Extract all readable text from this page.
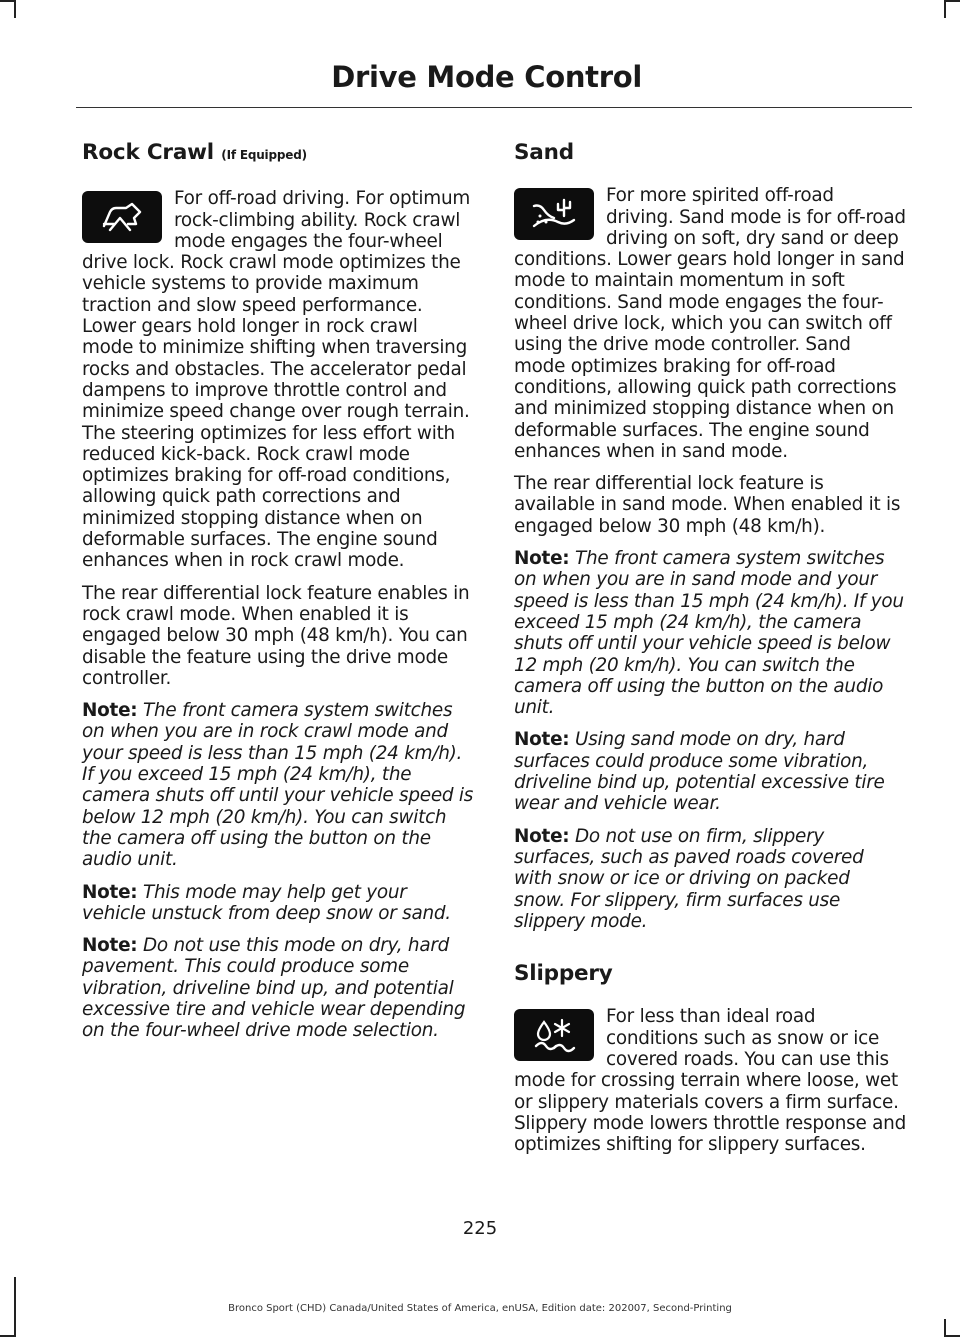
Drive Mode Control
Rock Crawl (If Equipped)

For off-road driving. For optimum rock-climbing ability. Rock crawl mode engages the four-wheel drive lock. Rock crawl mode optimizes the vehicle systems to provide maximum traction and slow speed performance. Lower gears hold longer in rock crawl mode to minimize shifting when traversing rocks and obstacles. The accelerator pedal dampens to improve throttle control and minimize speed change over rough terrain. The steering optimizes for less effort with reduced kick-back. Rock crawl mode optimizes braking for off-road conditions, allowing quick path corrections and minimized stopping distance when on deformable surfaces. The engine sound enhances when in rock crawl mode.

The rear differential lock feature enables in rock crawl mode. When enabled it is engaged below 30 mph (48 km/h). You can disable the feature using the drive mode controller.

Note: The front camera system switches on when you are in rock crawl mode and your speed is less than 15 mph (24 km/h). If you exceed 15 mph (24 km/h), the camera shuts off until your vehicle speed is below 12 mph (20 km/h). You can switch the camera off using the button on the audio unit.

Note: This mode may help get your vehicle unstuck from deep snow or sand.

Note: Do not use this mode on dry, hard pavement. This could produce some vibration, driveline bind up, and potential excessive tire and vehicle wear depending on the four-wheel drive mode selection.

Sand

For more spirited off-road driving. Sand mode is for off-road driving on soft, dry sand or deep conditions. Lower gears hold longer in sand mode to maintain momentum in soft conditions. Sand mode engages the four-wheel drive lock, which you can switch off using the drive mode controller. Sand mode optimizes braking for off-road conditions, allowing quick path corrections and minimized stopping distance when on deformable surfaces. The engine sound enhances when in sand mode.

The rear differential lock feature is available in sand mode. When enabled it is engaged below 30 mph (48 km/h).

Note: The front camera system switches on when you are in sand mode and your speed is less than 15 mph (24 km/h). If you exceed 15 mph (24 km/h), the camera shuts off until your vehicle speed is below 12 mph (20 km/h). You can switch the camera off using the button on the audio unit.

Note: Using sand mode on dry, hard surfaces could produce some vibration, driveline bind up, potential excessive tire wear and vehicle wear.

Note: Do not use on firm, slippery surfaces, such as paved roads covered with snow or ice or driving on packed snow. For slippery, firm surfaces use slippery mode.

Slippery

For less than ideal road conditions such as snow or ice covered roads. You can use this mode for crossing terrain where loose, wet or slippery materials covers a firm surface. Slippery mode lowers throttle response and optimizes shifting for slippery surfaces.

225
Bronco Sport (CHD) Canada/United States of America, enUSA, Edition date: 202007, Second-Printing
